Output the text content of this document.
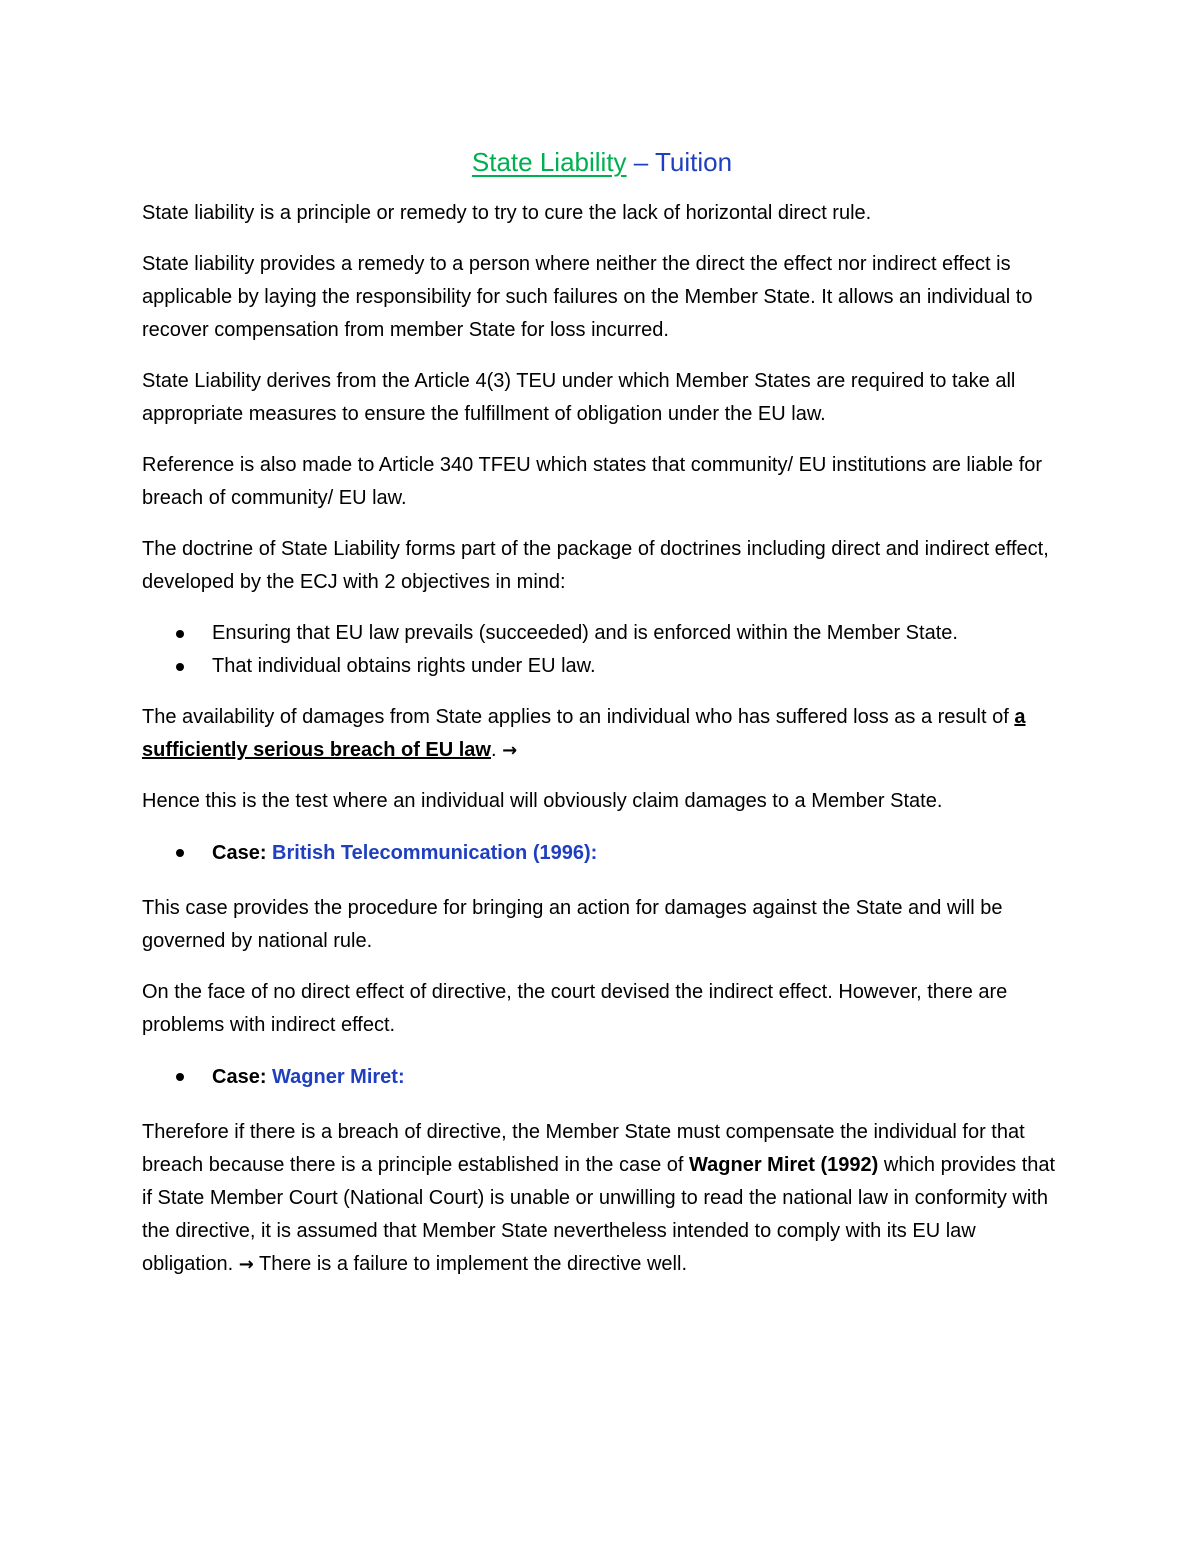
State Liability – Tuition

State liability is a principle or remedy to try to cure the lack of horizontal direct rule.

State liability provides a remedy to a person where neither the direct the effect nor indirect effect is applicable by laying the responsibility for such failures on the Member State. It allows an individual to recover compensation from member State for loss incurred.

State Liability derives from the Article 4(3) TEU under which Member States are required to take all appropriate measures to ensure the fulfillment of obligation under the EU law.

Reference is also made to Article 340 TFEU which states that community/ EU institutions are liable for breach of community/ EU law.

The doctrine of State Liability forms part of the package of doctrines including direct and indirect effect, developed by the ECJ with 2 objectives in mind:

Ensuring that EU law prevails (succeeded) and is enforced within the Member State.
That individual obtains rights under EU law.

The availability of damages from State applies to an individual who has suffered loss as a result of a sufficiently serious breach of EU law. →

Hence this is the test where an individual will obviously claim damages to a Member State.

Case: British Telecommunication (1996):

This case provides the procedure for bringing an action for damages against the State and will be governed by national rule.

On the face of no direct effect of directive, the court devised the indirect effect. However, there are problems with indirect effect.

Case: Wagner Miret:

Therefore if there is a breach of directive, the Member State must compensate the individual for that breach because there is a principle established in the case of Wagner Miret (1992) which provides that if State Member Court (National Court) is unable or unwilling to read the national law in conformity with the directive, it is assumed that Member State nevertheless intended to comply with its EU law obligation. → There is a failure to implement the directive well.
